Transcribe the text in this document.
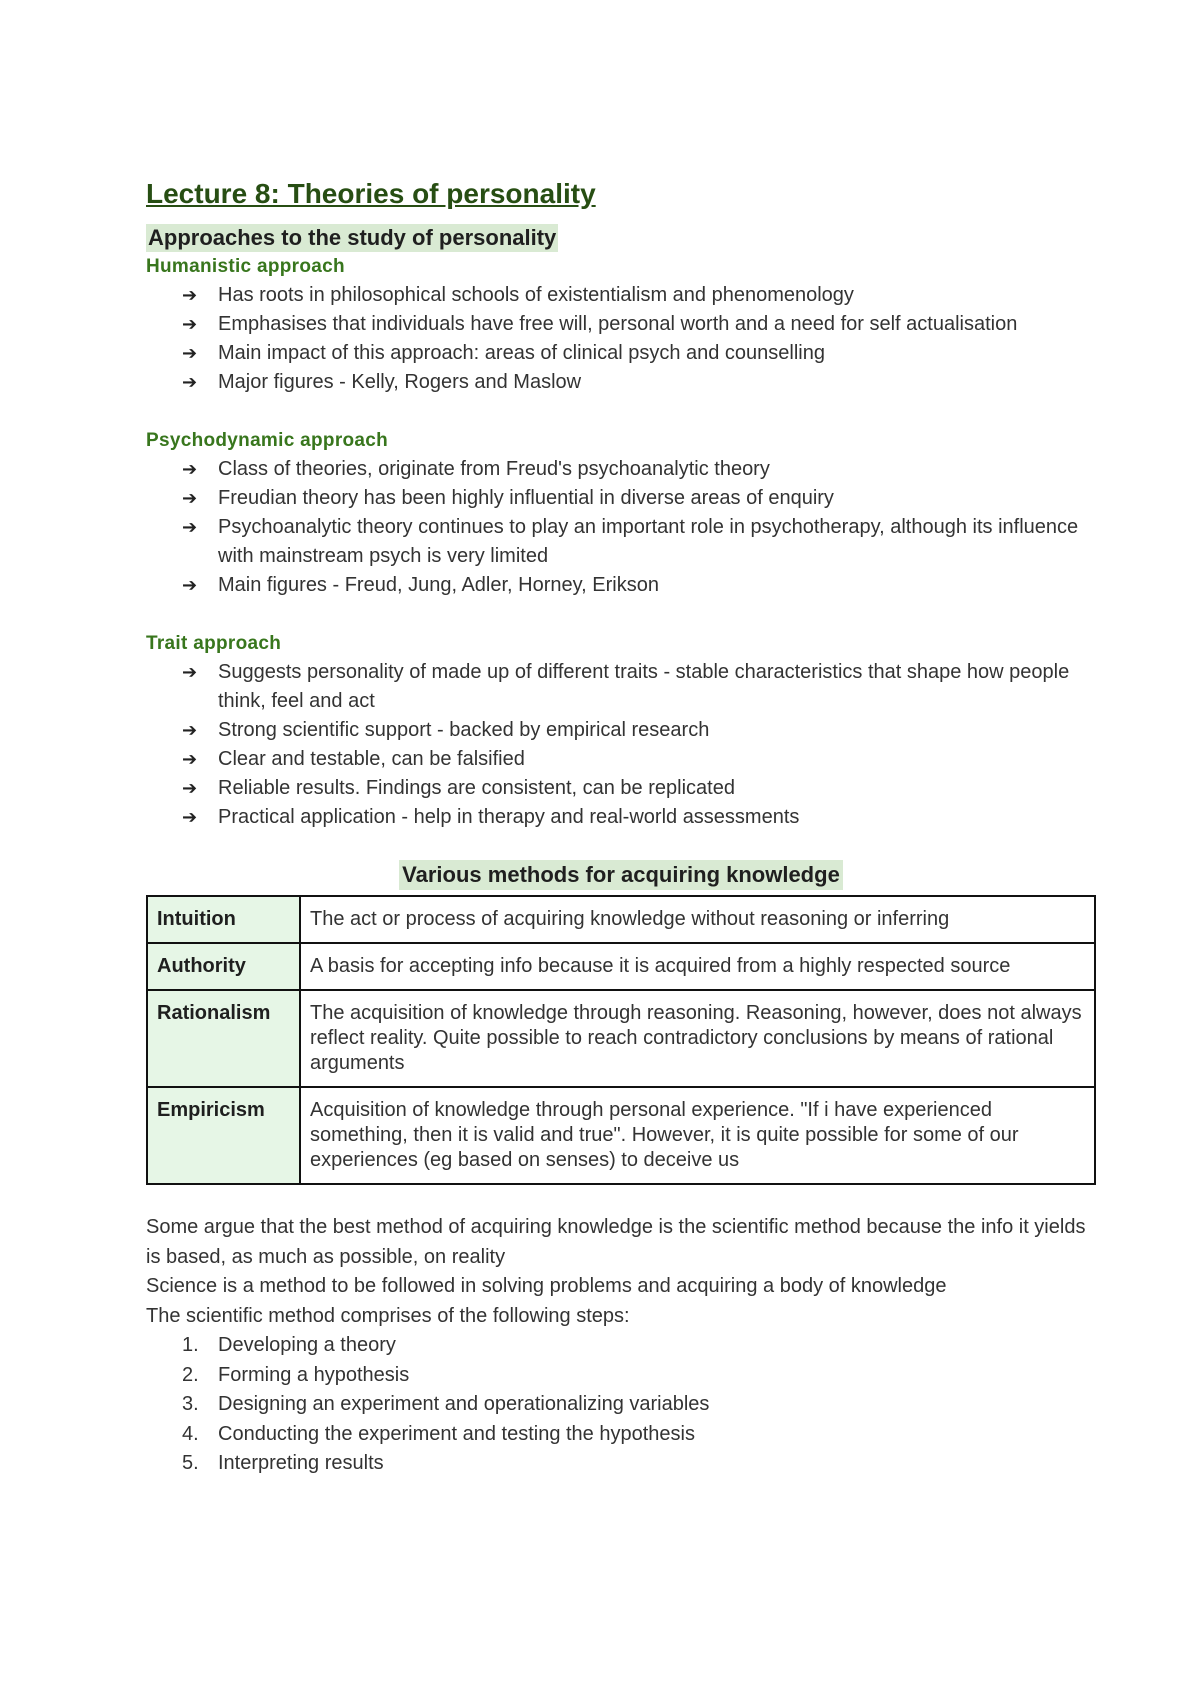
Lecture 8: Theories of personality
Approaches to the study of personality
Humanistic approach
➔ Has roots in philosophical schools of existentialism and phenomenology
➔ Emphasises that individuals have free will, personal worth and a need for self actualisation
➔ Main impact of this approach: areas of clinical psych and counselling
➔ Major figures - Kelly, Rogers and Maslow
Psychodynamic approach
➔ Class of theories, originate from Freud's psychoanalytic theory
➔ Freudian theory has been highly influential in diverse areas of enquiry
➔ Psychoanalytic theory continues to play an important role in psychotherapy, although its influence with mainstream psych is very limited
➔ Main figures - Freud, Jung, Adler, Horney, Erikson
Trait approach
➔ Suggests personality of made up of different traits - stable characteristics that shape how people think, feel and act
➔ Strong scientific support - backed by empirical research
➔ Clear and testable, can be falsified
➔ Reliable results. Findings are consistent, can be replicated
➔ Practical application - help in therapy and real-world assessments
Various methods for acquiring knowledge
Intuition	The act or process of acquiring knowledge without reasoning or inferring
Authority	A basis for accepting info because it is acquired from a highly respected source
Rationalism	The acquisition of knowledge through reasoning. Reasoning, however, does not always reflect reality. Quite possible to reach contradictory conclusions by means of rational arguments
Empiricism	Acquisition of knowledge through personal experience. "If i have experienced something, then it is valid and true". However, it is quite possible for some of our experiences (eg based on senses) to deceive us

Some argue that the best method of acquiring knowledge is the scientific method because the info it yields is based, as much as possible, on reality

Science is a method to be followed in solving problems and acquiring a body of knowledge

The scientific method comprises of the following steps:

1. Developing a theory
2. Forming a hypothesis
3. Designing an experiment and operationalizing variables
4. Conducting the experiment and testing the hypothesis
5. Interpreting results
